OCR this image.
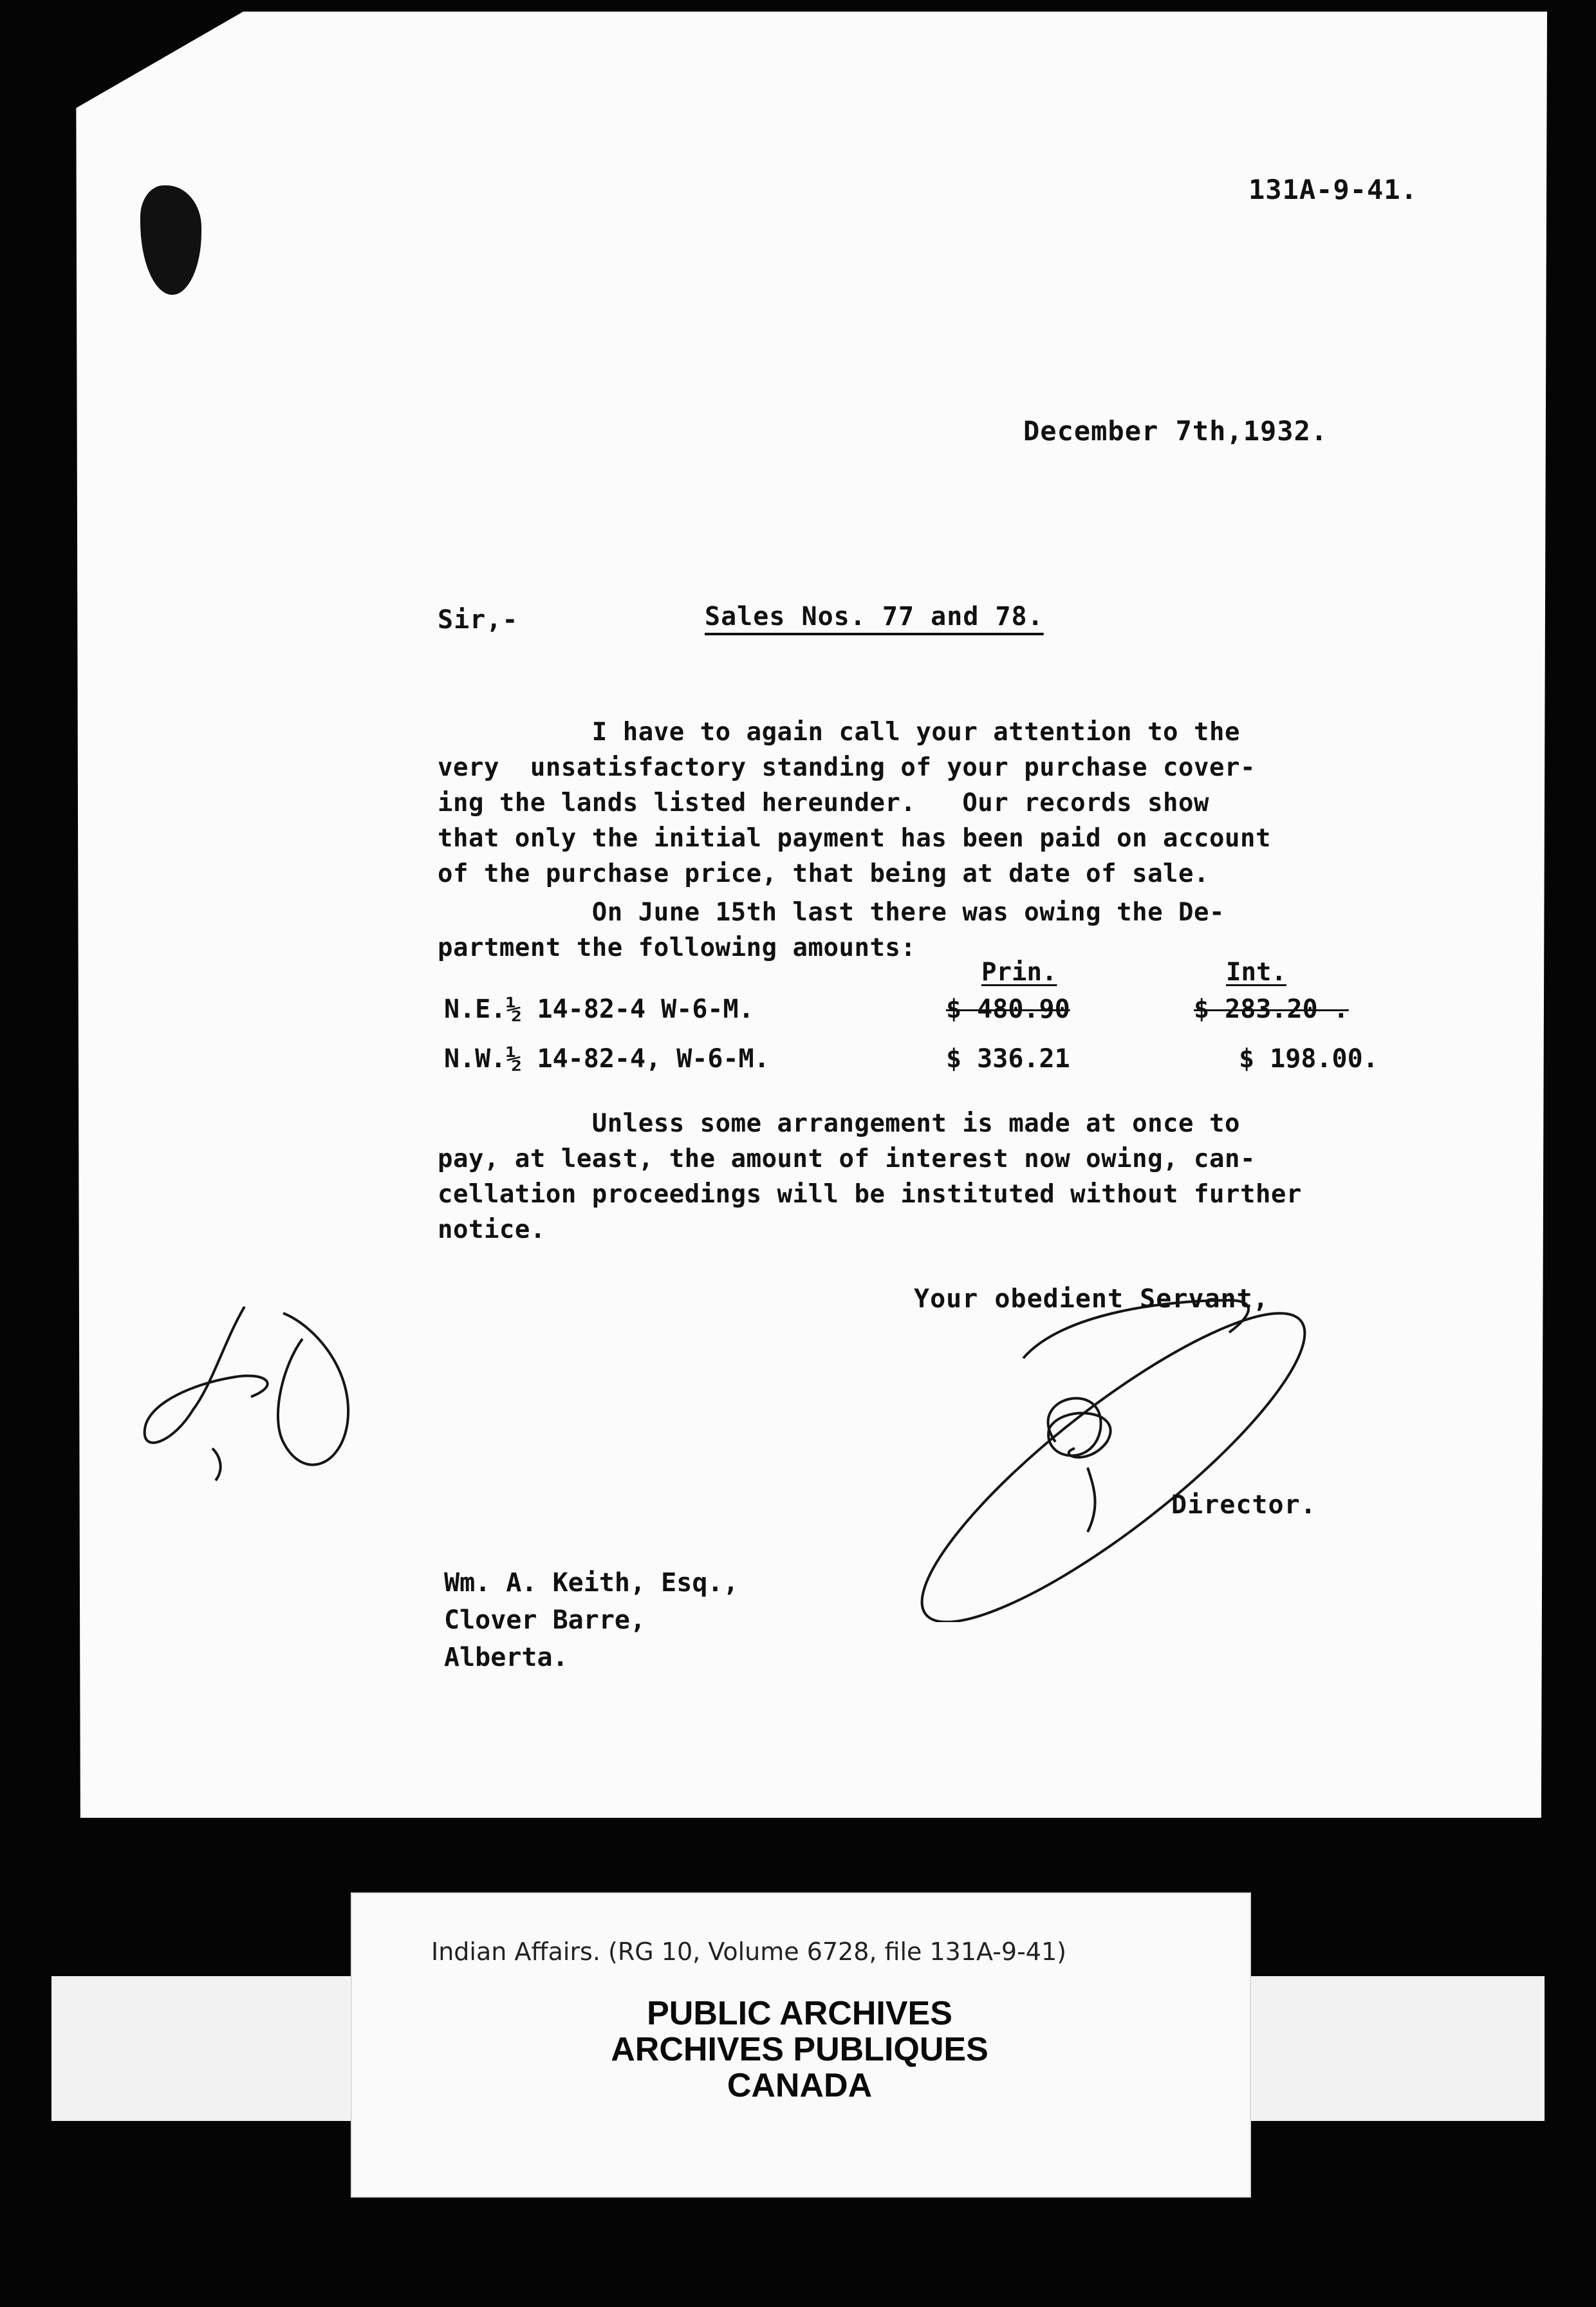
131A-9-41.
December 7th,1932.
Sir,-	Sales Nos. 77 and 78.
I have to again call your attention to the
very  unsatisfactory standing of your purchase cover-
ing the lands listed hereunder.   Our records show
that only the initial payment has been paid on account
of the purchase price, that being at date of sale.
On June 15th last there was owing the De-
partment the following amounts:
Prin.	Int.
N.E.½ 14-82-4 W-6-M.	$ 480.90	$ 283.20 .
N.W.½ 14-82-4, W-6-M.	$ 336.21	$ 198.00.
Unless some arrangement is made at once to
pay, at least, the amount of interest now owing, can-
cellation proceedings will be instituted without further
notice.
Your obedient Servant,
Director.
Wm. A. Keith, Esq.,
Clover Barre,
Alberta.
Indian Affairs. (RG 10, Volume 6728, file 131A-9-41)
PUBLIC ARCHIVES
ARCHIVES PUBLIQUES
CANADA
